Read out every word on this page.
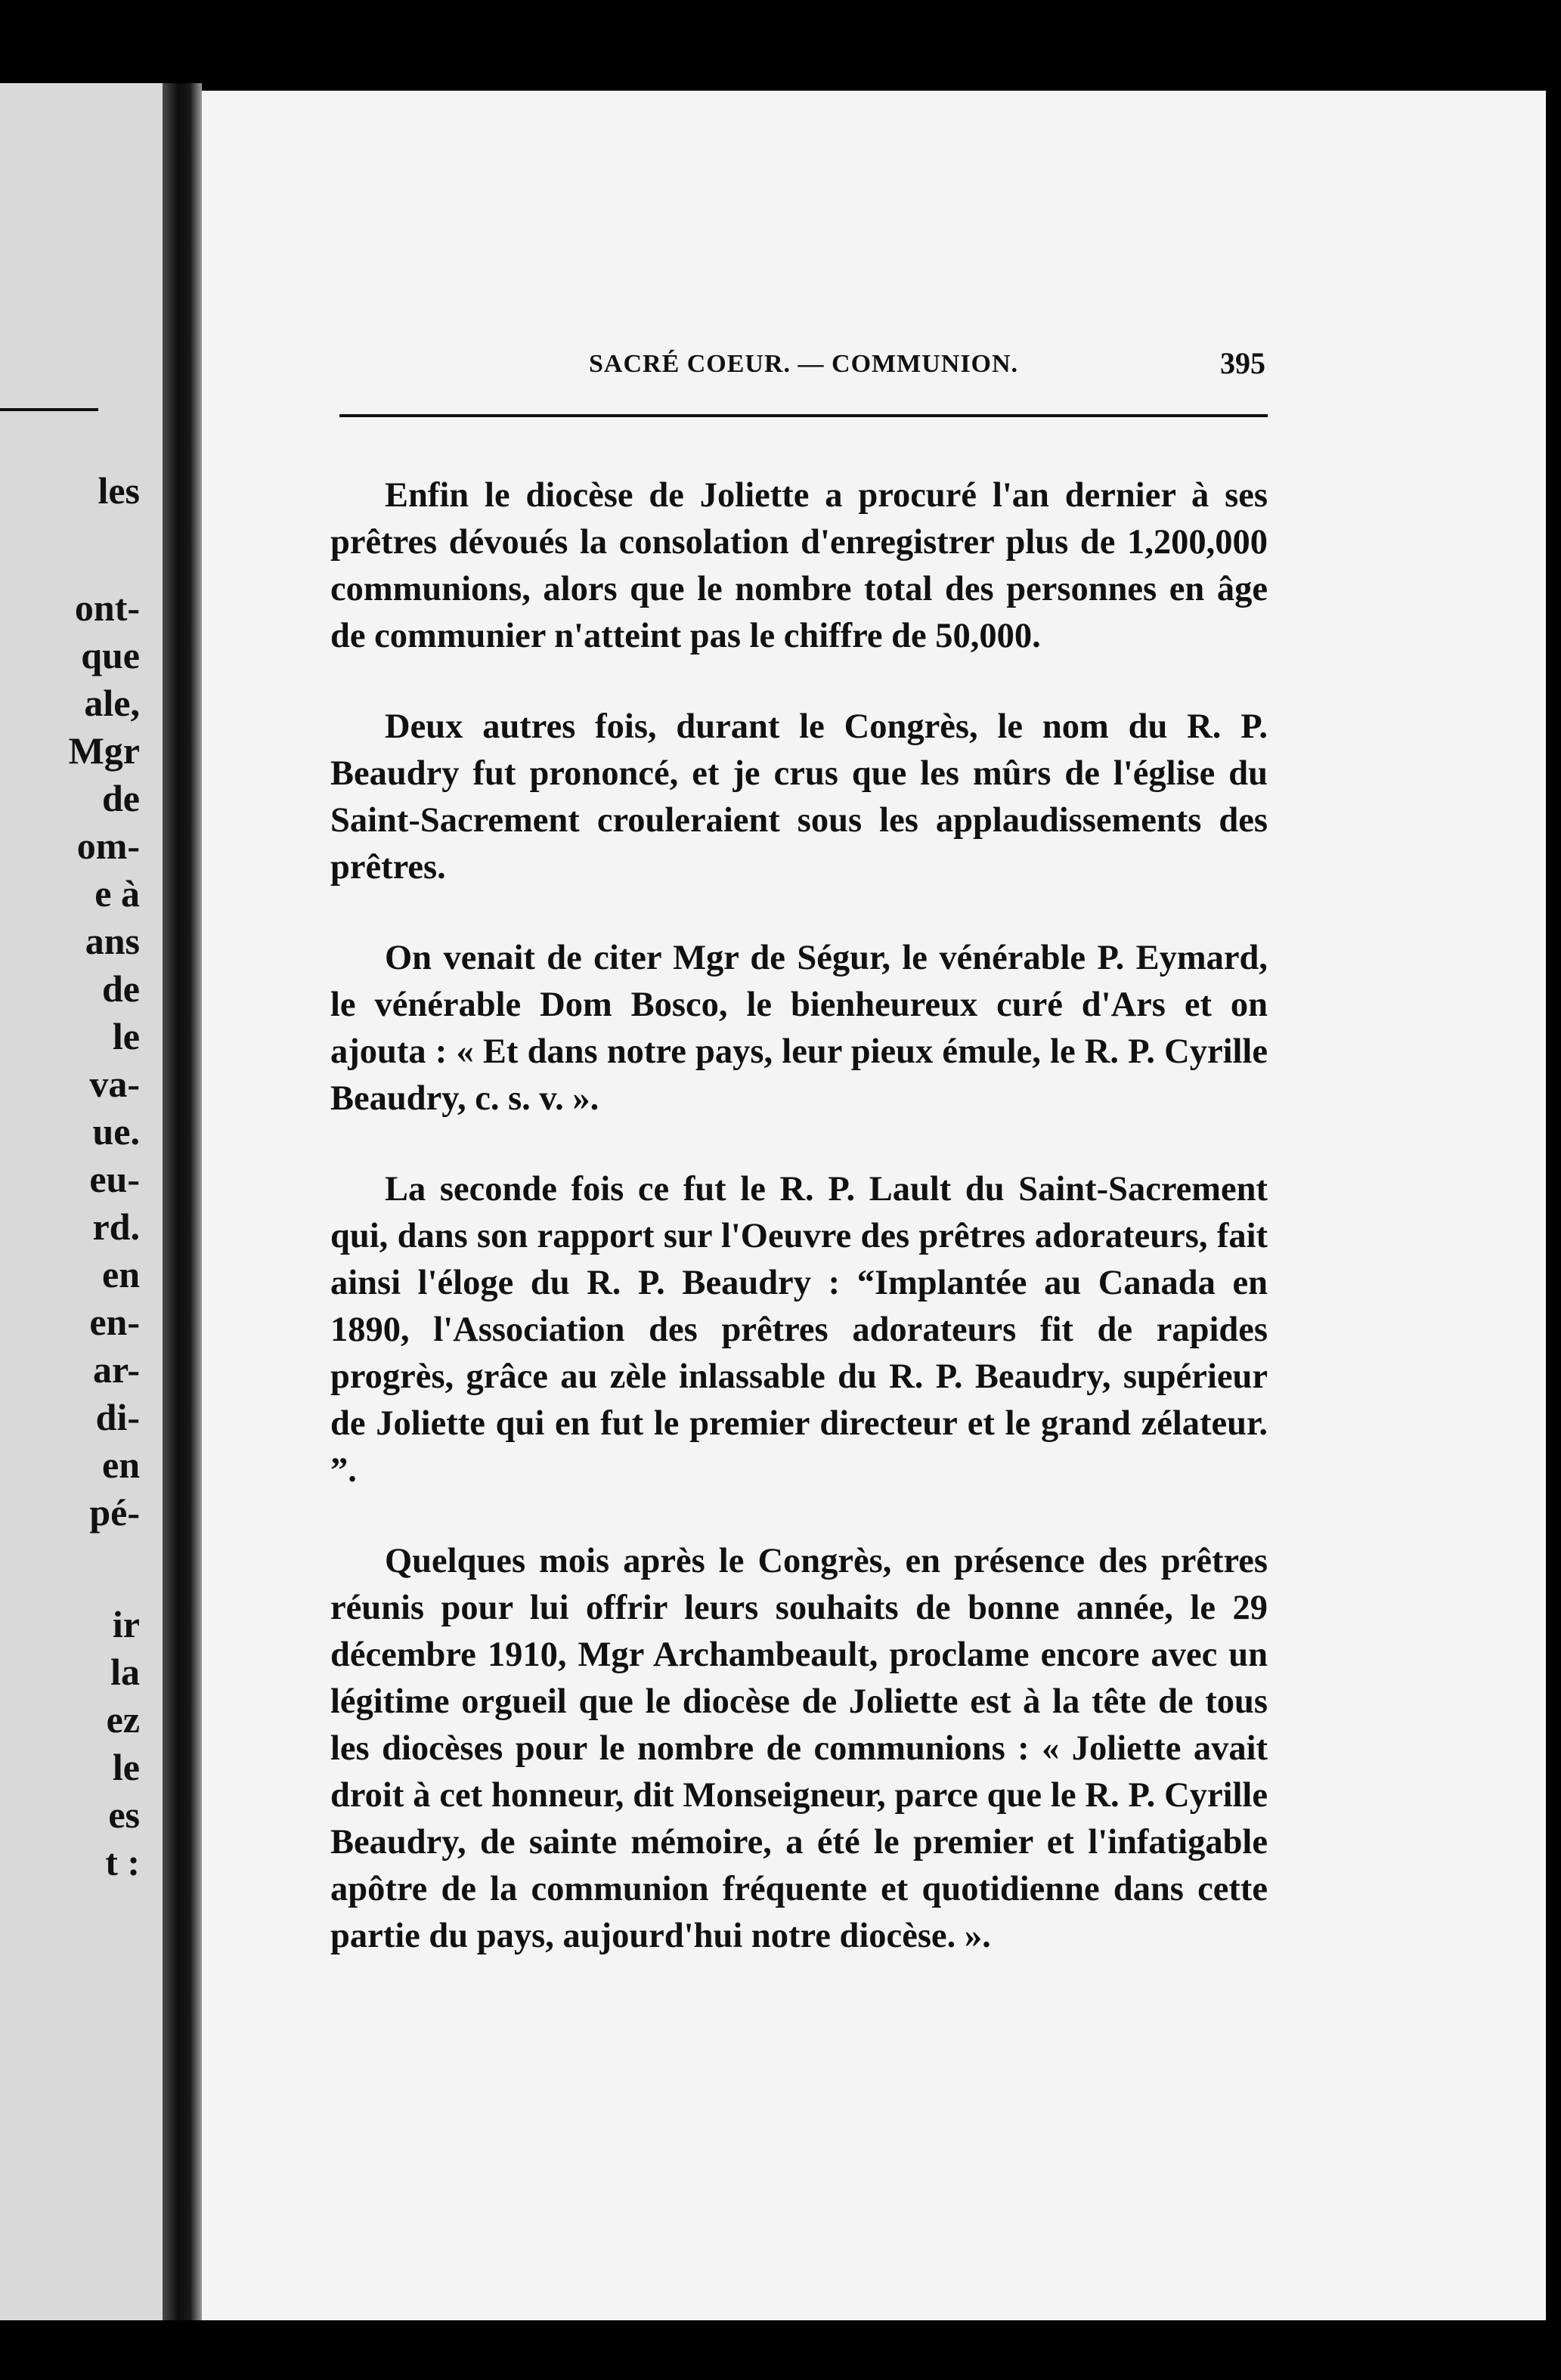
les
ont-
que
ale,
Mgr
de
om-
e à
ans
de
le
va-
ue.
eu-
rd.
en
en-
ar-
di-
en
pé-
ir
la
ez
le
es
t :
SACRÉ COEUR. — COMMUNION.	395

Enfin le diocèse de Joliette a procuré l'an dernier à ses prêtres dévoués la consolation d'enregistrer plus de 1,200,000 communions, alors que le nombre total des personnes en âge de communier n'atteint pas le chiffre de 50,000.

Deux autres fois, durant le Congrès, le nom du R. P. Beaudry fut prononcé, et je crus que les mûrs de l'église du Saint-Sacrement crouleraient sous les applaudissements des prêtres.

On venait de citer Mgr de Ségur, le vénérable P. Eymard, le vénérable Dom Bosco, le bienheureux curé d'Ars et on ajouta : « Et dans notre pays, leur pieux émule, le R. P. Cyrille Beaudry, c. s. v. ».

La seconde fois ce fut le R. P. Lault du Saint-Sacrement qui, dans son rapport sur l'Oeuvre des prêtres adorateurs, fait ainsi l'éloge du R. P. Beaudry : “Implantée au Canada en 1890, l'Association des prêtres adorateurs fit de rapides progrès, grâce au zèle inlassable du R. P. Beaudry, supérieur de Joliette qui en fut le premier directeur et le grand zélateur. ”.

Quelques mois après le Congrès, en présence des prêtres réunis pour lui offrir leurs souhaits de bonne année, le 29 décembre 1910, Mgr Archambeault, proclame encore avec un légitime orgueil que le diocèse de Joliette est à la tête de tous les diocèses pour le nombre de communions : « Joliette avait droit à cet honneur, dit Monseigneur, parce que le R. P. Cyrille Beaudry, de sainte mémoire, a été le premier et l'infatigable apôtre de la communion fréquente et quotidienne dans cette partie du pays, aujourd'hui notre diocèse. ».
